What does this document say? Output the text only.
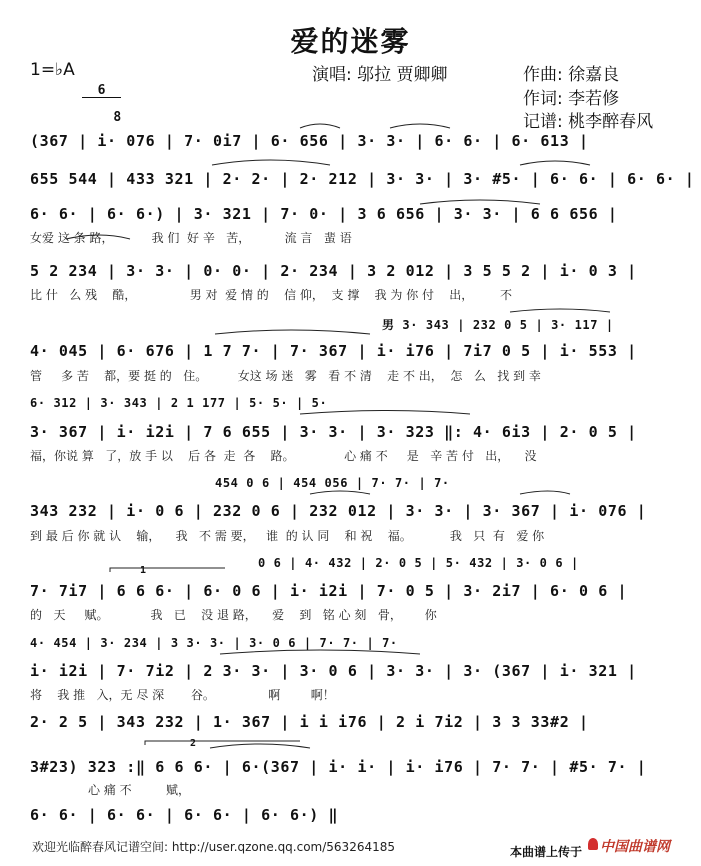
爱的迷雾
1=♭A

$\frac{6}{8}$
	演唱: 邬拉 贾卿卿	作曲: 徐嘉良
作词: 李若修
记谱: 桃李醉春风
(367 | i· 076 | 7· 0i7 | 6· 656 | 3· 3· | 6· 6· | 6· 613 |
655 544 | 433 321 | 2· 2· | 2· 212 | 3· 3· | 3· #5· | 6· 6· | 6· 6· |
6· 6· | 6· 6·) | 3· 321 | 7· 0· | 3 6 656 | 3· 3· | 6 6 656 |
女爱 这 条 路，          我 们  好 辛   苦，         流 言   蜚 语
5 2 234 | 3· 3· | 0· 0· | 2· 234 | 3 2 012 | 3 5 5 2 | i· 0 3 |
比 什   么 残    酷，              男 对  爱 情 的    信 仰，  支 撑    我 为 你 付    出，       不
男 3· 343 | 232 0 5 | 3· 117 |
4· 045 | 6· 676 | 1 7 7· | 7· 367 | i· i76 | 7i7 0 5 | i· 553 |
管     多 苦    都，要 挺 的   住。        女这 场 迷   雾   看 不 清    走 不 出，  怎   么   找 到 幸
6· 312 | 3· 343 | 2 1 177 | 5· 5· | 5·
3· 367 | i· i2i | 7 6 655 | 3· 3· | 3· 323 ‖: 4· 6i3 | 2· 0 5 |
福，你说 算   了，放 手 以    后 各  走  各    路。             心 痛 不     是   辛 苦 付   出，    没
454 0 6 | 454 056 | 7· 7· | 7·
343 232 | i· 0 6 | 232 0 6 | 232 012 | 3· 3· | 3· 367 | i· 076 |
到 最 后 你 就 认    输，    我   不 需 要，   谁  的 认 同    和 祝    福。          我   只  有   爱 你
0 6 | 4· 432 | 2· 0 5 | 5· 432 | 3· 0 6 |
7· 7i7 | 6 6 6· | 6· 0 6 | i· i2i | 7· 0 5 | 3· 2i7 | 6· 0 6 |
的   天     赋。           我   已    没 退 路，    爱    到   铭 心 刻   骨，      你
4· 454 | 3· 234 | 3 3· 3· | 3· 0 6 | 7· 7· | 7·
i· i2i | 7· 7i2 | 2 3· 3· | 3· 0 6 | 3· 3· | 3· (367 | i· 321 |
将    我 推   入，无 尽 深       谷。              啊        啊！
2· 2 5 | 343 232 | 1· 367 | i i i76 | 2 i 7i2 | 3 3 33#2 |
3#23) 323 :‖ 6 6 6· | 6·(367 | i· i· | i· i76 | 7· 7· | #5· 7· |
心 痛 不         赋，
6· 6· | 6· 6· | 6· 6· | 6· 6·) ‖
1
2
欢迎光临醉春风记谱空间: http://user.qzone.qq.com/563264185	本曲谱上传于 中国曲谱网
